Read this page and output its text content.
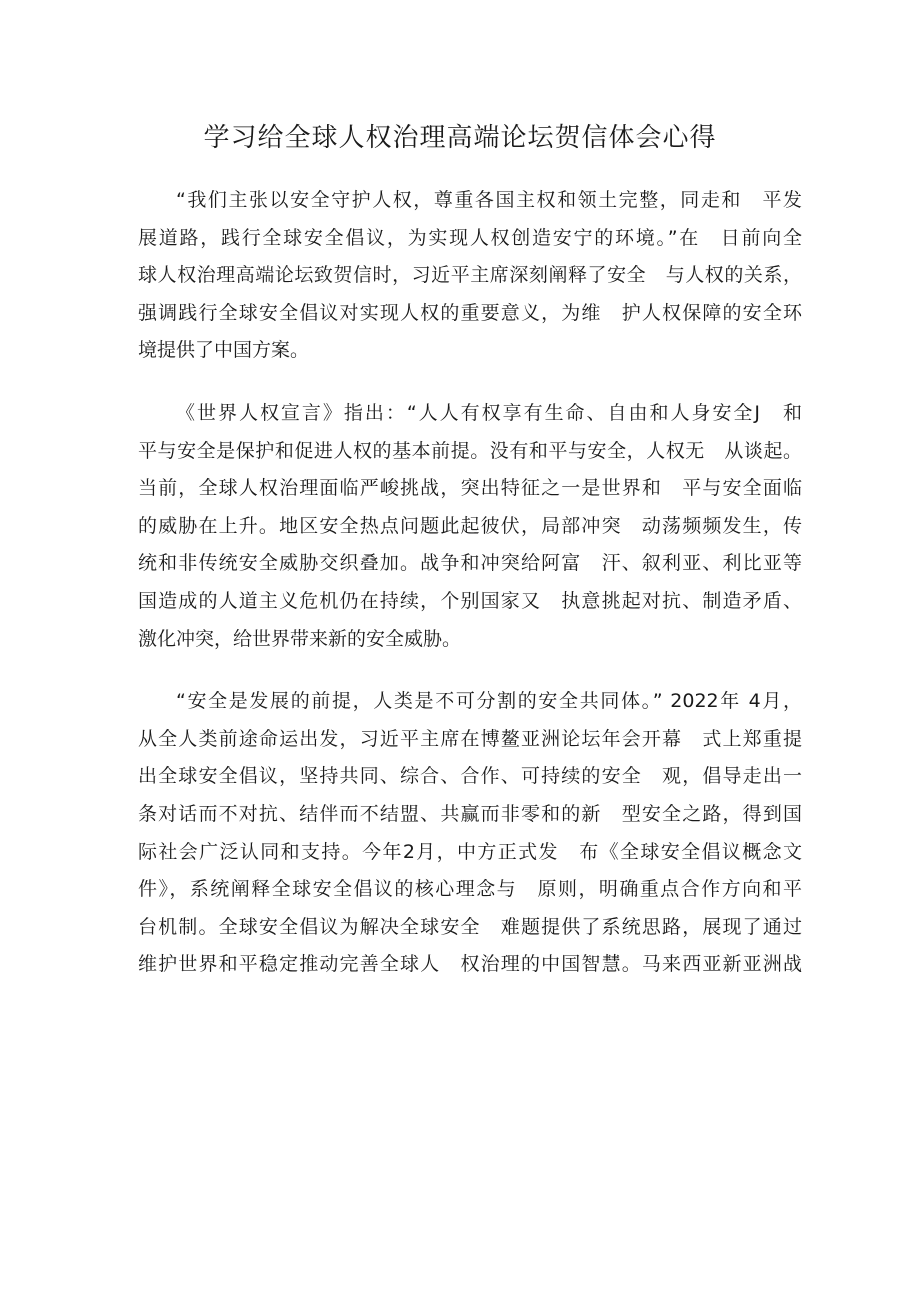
学习给全球人权治理高端论坛贺信体会心得
“我们主张以安全守护人权，尊重各国主权和领土完整，同走和　平发
展道路，践行全球安全倡议，为实现人权创造安宁的环境。”在　日前向全
球人权治理高端论坛致贺信时，习近平主席深刻阐释了安全　与人权的关系，
强调践行全球安全倡议对实现人权的重要意义，为维　护人权保障的安全环
境提供了中国方案。
《世界人权宣言》指出：“人人有权享有生命、自由和人身安全J　和
平与安全是保护和促进人权的基本前提。没有和平与安全，人权无　从谈起。
当前，全球人权治理面临严峻挑战，突出特征之一是世界和　平与安全面临
的威胁在上升。地区安全热点问题此起彼伏，局部冲突　动荡频频发生，传
统和非传统安全威胁交织叠加。战争和冲突给阿富　汗、叙利亚、利比亚等
国造成的人道主义危机仍在持续，个别国家又　执意挑起对抗、制造矛盾、
激化冲突，给世界带来新的安全威胁。
“安全是发展的前提，人类是不可分割的安全共同体。” 2022年 4月，
从全人类前途命运出发，习近平主席在博鳌亚洲论坛年会开幕　式上郑重提
出全球安全倡议，坚持共同、综合、合作、可持续的安全　观，倡导走出一
条对话而不对抗、结伴而不结盟、共赢而非零和的新　型安全之路，得到国
际社会广泛认同和支持。今年2月，中方正式发　布《全球安全倡议概念文
件》，系统阐释全球安全倡议的核心理念与　原则，明确重点合作方向和平
台机制。全球安全倡议为解决全球安全　难题提供了系统思路，展现了通过
维护世界和平稳定推动完善全球人　权治理的中国智慧。马来西亚新亚洲战
